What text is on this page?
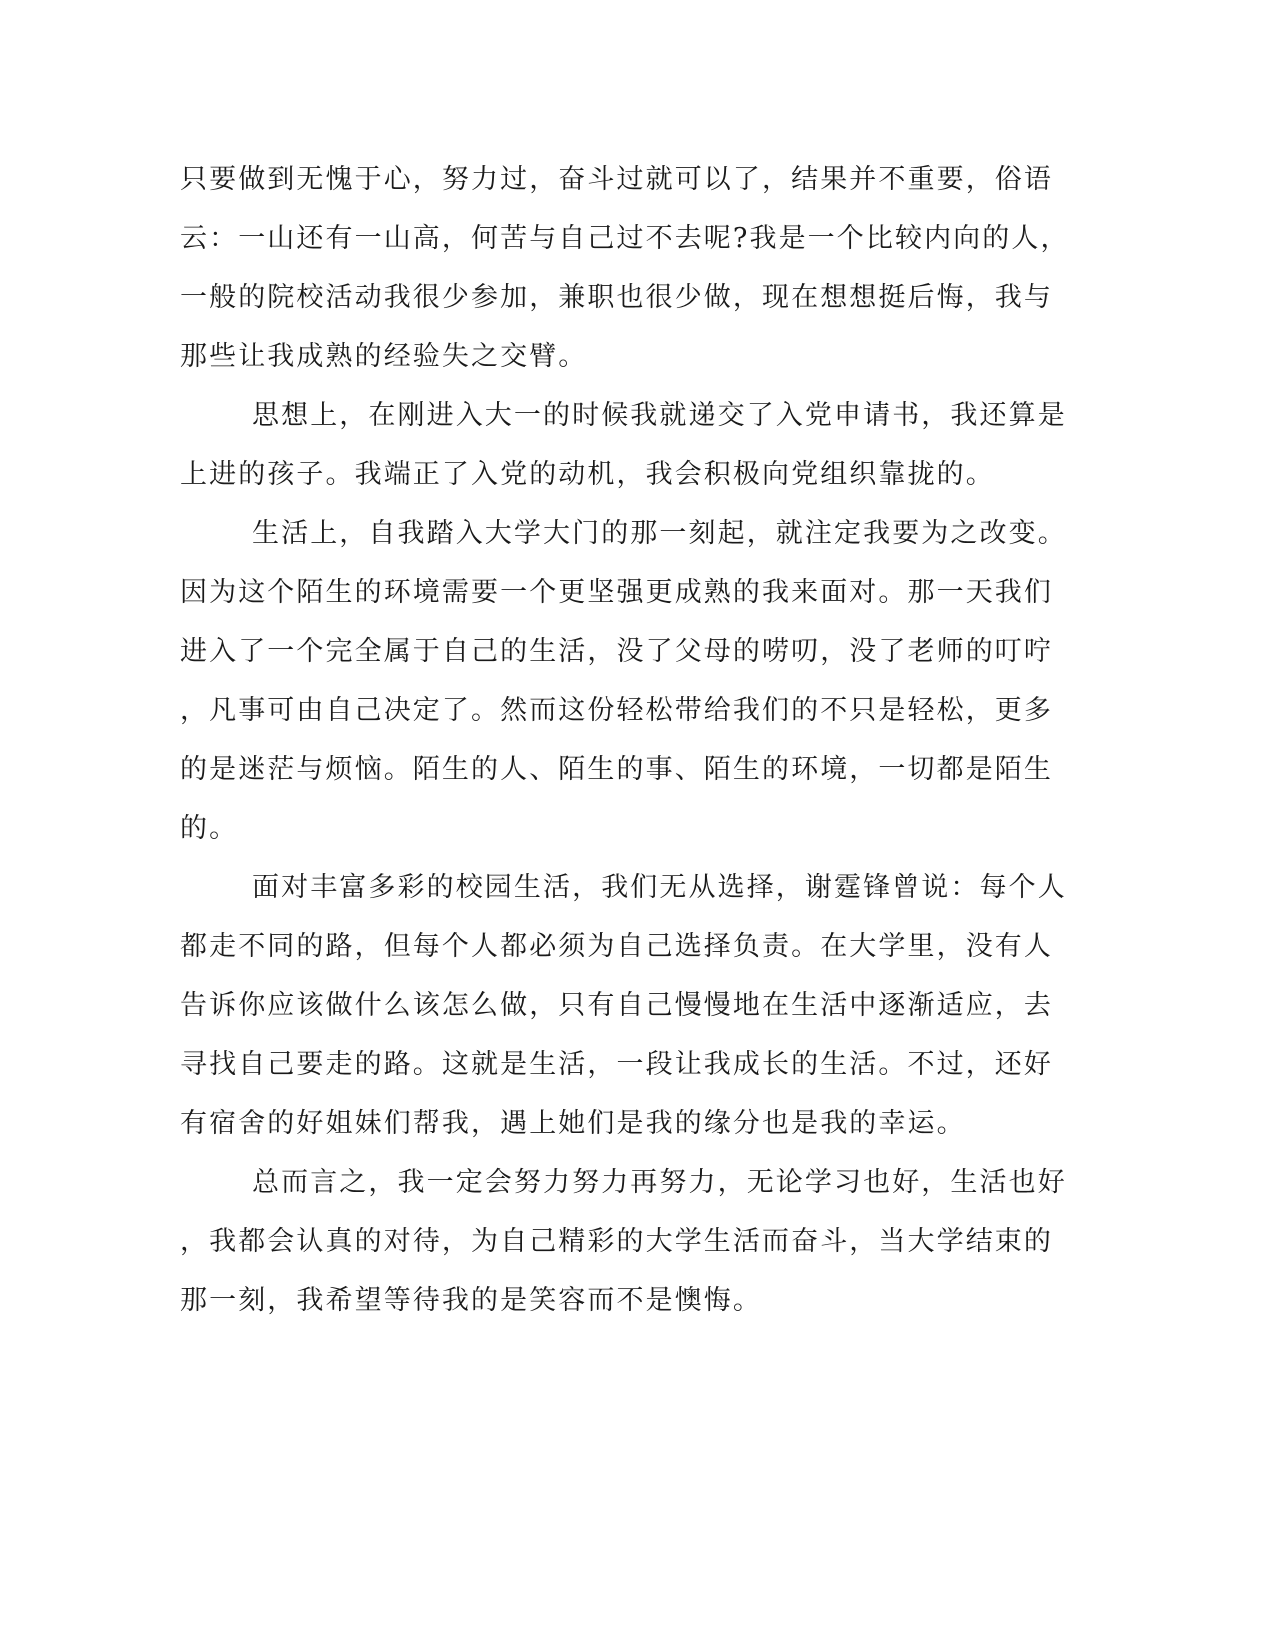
只要做到无愧于心，努力过，奋斗过就可以了，结果并不重要，俗语
云：一山还有一山高，何苦与自己过不去呢?我是一个比较内向的人，
一般的院校活动我很少参加，兼职也很少做，现在想想挺后悔，我与
那些让我成熟的经验失之交臂。
思想上，在刚进入大一的时候我就递交了入党申请书，我还算是
上进的孩子。我端正了入党的动机，我会积极向党组织靠拢的。
生活上，自我踏入大学大门的那一刻起，就注定我要为之改变。
因为这个陌生的环境需要一个更坚强更成熟的我来面对。那一天我们
进入了一个完全属于自己的生活，没了父母的唠叨，没了老师的叮咛
，凡事可由自己决定了。然而这份轻松带给我们的不只是轻松，更多
的是迷茫与烦恼。陌生的人、陌生的事、陌生的环境，一切都是陌生
的。
面对丰富多彩的校园生活，我们无从选择，谢霆锋曾说：每个人
都走不同的路，但每个人都必须为自己选择负责。在大学里，没有人
告诉你应该做什么该怎么做，只有自己慢慢地在生活中逐渐适应，去
寻找自己要走的路。这就是生活，一段让我成长的生活。不过，还好
有宿舍的好姐妹们帮我，遇上她们是我的缘分也是我的幸运。
总而言之，我一定会努力努力再努力，无论学习也好，生活也好
，我都会认真的对待，为自己精彩的大学生活而奋斗，当大学结束的
那一刻，我希望等待我的是笑容而不是懊悔。
